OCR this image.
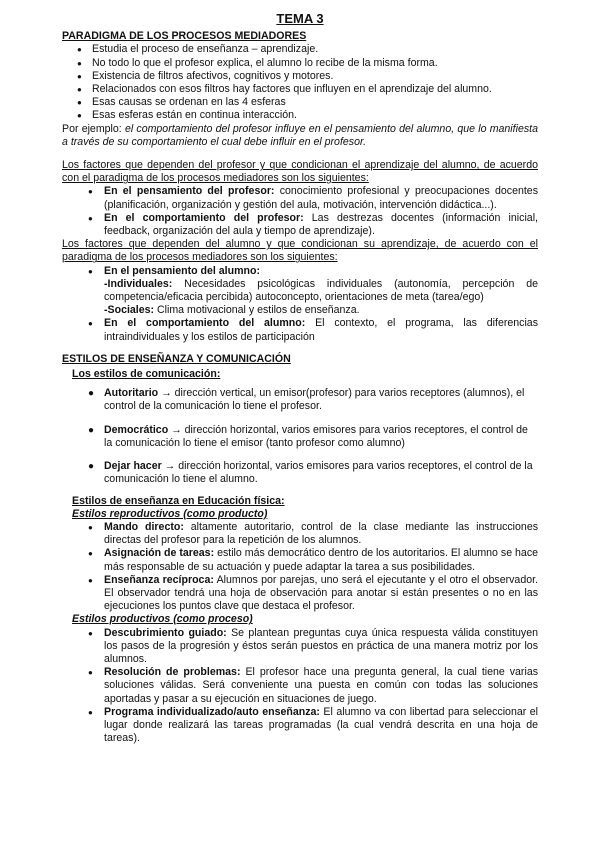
TEMA 3
PARADIGMA DE LOS PROCESOS MEDIADORES
● Estudia el proceso de enseñanza – aprendizaje.
● No todo lo que el profesor explica, el alumno lo recibe de la misma forma.
● Existencia de filtros afectivos, cognitivos y motores.
● Relacionados con esos filtros hay factores que influyen en el aprendizaje del alumno.
● Esas causas se ordenan en las 4 esferas
● Esas esferas están en continua interacción.

Por ejemplo: el comportamiento del profesor influye en el pensamiento del alumno, que lo manifiesta a través de su comportamiento el cual debe influir en el profesor.

Los factores que dependen del profesor y que condicionan el aprendizaje del alumno, de acuerdo con el paradigma de los procesos mediadores son los siguientes:

● En el pensamiento del profesor: conocimiento profesional y preocupaciones docentes (planificación, organización y gestión del aula, motivación, intervención didáctica...).
● En el comportamiento del profesor: Las destrezas docentes (información inicial, feedback, organización del aula y tiempo de aprendizaje).

Los factores que dependen del alumno y que condicionan su aprendizaje, de acuerdo con el paradigma de los procesos mediadores son los siguientes:

● En el pensamiento del alumno:
-Individuales: Necesidades psicológicas individuales (autonomía, percepción de competencia/eficacia percibida) autoconcepto, orientaciones de meta (tarea/ego)
-Sociales: Clima motivacional y estilos de enseñanza.
● En el comportamiento del alumno: El contexto, el programa, las diferencias intraindividuales y los estilos de participación
ESTILOS DE ENSEÑANZA Y COMUNICACIÓN
Los estilos de comunicación:
● Autoritario → dirección vertical, un emisor(profesor) para varios receptores (alumnos), el control de la comunicación lo tiene el profesor.
● Democrático → dirección horizontal, varios emisores para varios receptores, el control de la comunicación lo tiene el emisor (tanto profesor como alumno)
● Dejar hacer → dirección horizontal, varios emisores para varios receptores, el control de la comunicación lo tiene el alumno.
Estilos de enseñanza en Educación física:
Estilos reproductivos (como producto)
● Mando directo: altamente autoritario, control de la clase mediante las instrucciones directas del profesor para la repetición de los alumnos.
● Asignación de tareas: estilo más democrático dentro de los autoritarios. El alumno se hace más responsable de su actuación y puede adaptar la tarea a sus posibilidades.
● Enseñanza recíproca: Alumnos por parejas, uno será el ejecutante y el otro el observador. El observador tendrá una hoja de observación para anotar si están presentes o no en las ejecuciones los puntos clave que destaca el profesor.
Estilos productivos (como proceso)
● Descubrimiento guiado: Se plantean preguntas cuya única respuesta válida constituyen los pasos de la progresión y éstos serán puestos en práctica de una manera motriz por los alumnos.
● Resolución de problemas: El profesor hace una pregunta general, la cual tiene varias soluciones válidas. Será conveniente una puesta en común con todas las soluciones aportadas y pasar a su ejecución en situaciones de juego.
● Programa individualizado/auto enseñanza: El alumno va con libertad para seleccionar el lugar donde realizará las tareas programadas (la cual vendrá descrita en una hoja de tareas).
